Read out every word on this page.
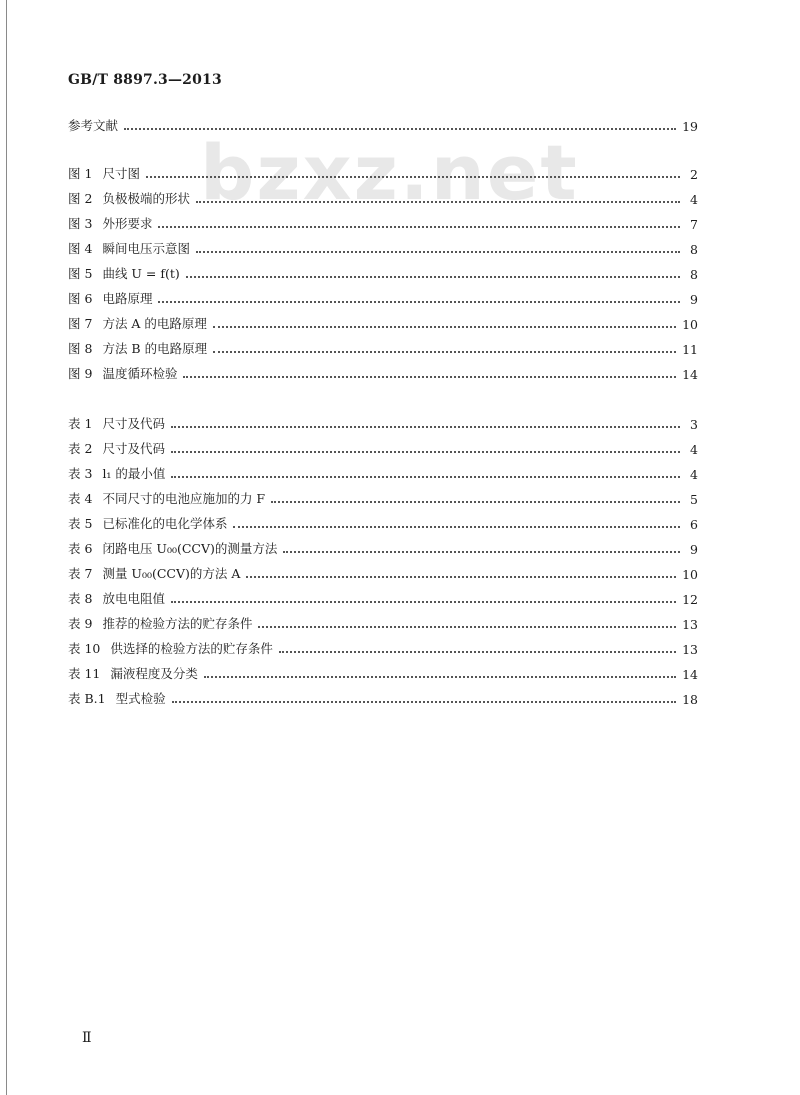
GB/T 8897.3—2013
bzxz.net
参考文献	19
图 1 尺寸图	2
图 2 负极极端的形状	4
图 3 外形要求	7
图 4 瞬间电压示意图	8
图 5 曲线 U = f(t)	8
图 6 电路原理	9
图 7 方法 A 的电路原理	10
图 8 方法 B 的电路原理	11
图 9 温度循环检验	14
表 1 尺寸及代码	3
表 2 尺寸及代码	4
表 3 l₁ 的最小值	4
表 4 不同尺寸的电池应施加的力 F	5
表 5 已标准化的电化学体系	6
表 6 闭路电压 U₀₀(CCV)的测量方法	9
表 7 测量 U₀₀(CCV)的方法 A	10
表 8 放电电阻值	12
表 9 推荐的检验方法的贮存条件	13
表 10 供选择的检验方法的贮存条件	13
表 11 漏液程度及分类	14
表 B.1 型式检验	18
Ⅱ
